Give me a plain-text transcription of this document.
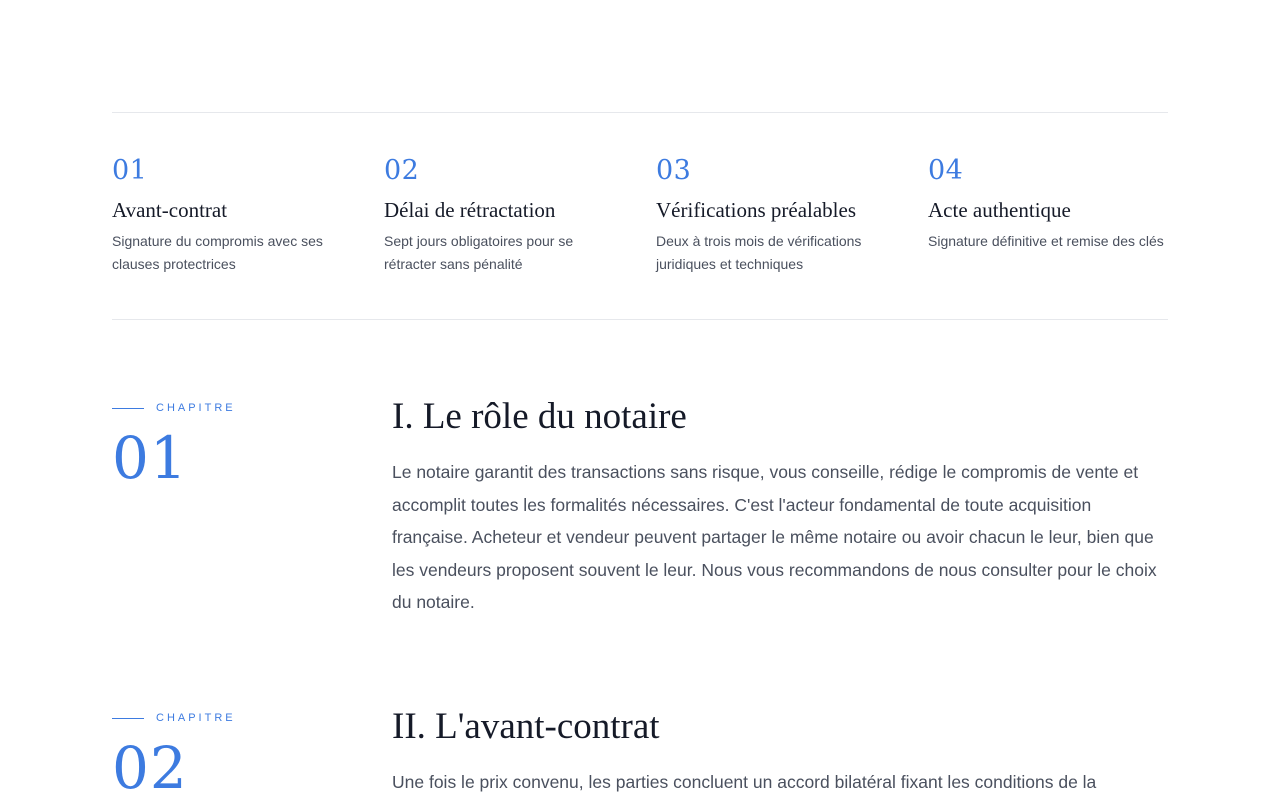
01
Avant-contrat
Signature du compromis avec ses clauses protectrices
02
Délai de rétractation
Sept jours obligatoires pour se rétracter sans pénalité
03
Vérifications préalables
Deux à trois mois de vérifications juridiques et techniques
04
Acte authentique
Signature définitive et remise des clés
CHAPITRE
01
I. Le rôle du notaire

Le notaire garantit des transactions sans risque, vous conseille, rédige le compromis de vente et accomplit toutes les formalités nécessaires. C'est l'acteur fondamental de toute acquisition française. Acheteur et vendeur peuvent partager le même notaire ou avoir chacun le leur, bien que les vendeurs proposent souvent le leur. Nous vous recommandons de nous consulter pour le choix du notaire.

CHAPITRE
02
II. L'avant-contrat

Une fois le prix convenu, les parties concluent un accord bilatéral fixant les conditions de la
